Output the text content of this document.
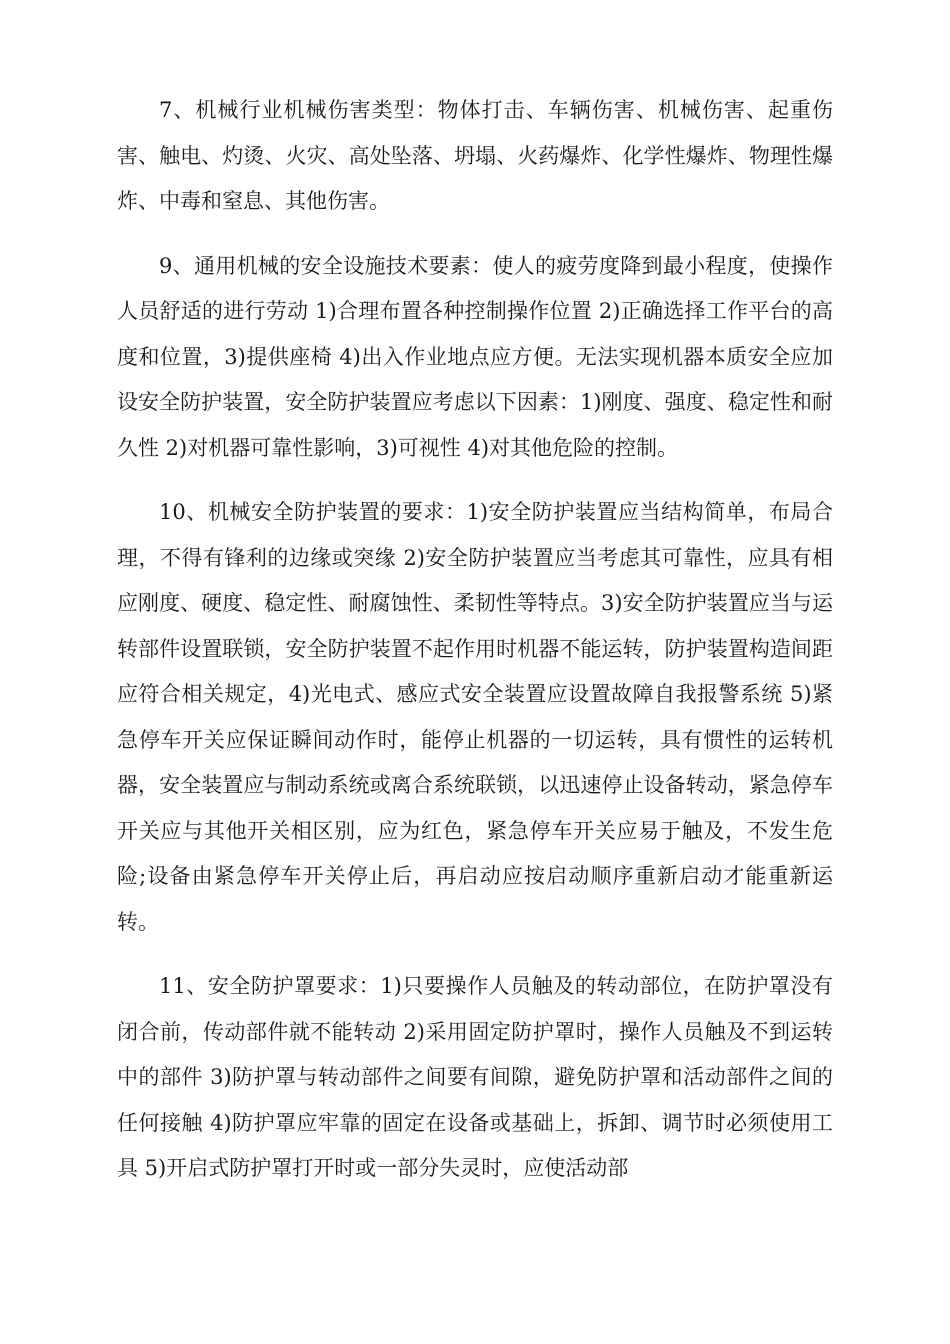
7、机械行业机械伤害类型：物体打击、车辆伤害、机械伤害、起重伤害、触电、灼烫、火灾、高处坠落、坍塌、火药爆炸、化学性爆炸、物理性爆炸、中毒和窒息、其他伤害。

9、通用机械的安全设施技术要素：使人的疲劳度降到最小程度，使操作人员舒适的进行劳动 1)合理布置各种控制操作位置 2)正确选择工作平台的高度和位置，3)提供座椅 4)出入作业地点应方便。无法实现机器本质安全应加设安全防护装置，安全防护装置应考虑以下因素：1)刚度、强度、稳定性和耐久性 2)对机器可靠性影响，3)可视性 4)对其他危险的控制。

10、机械安全防护装置的要求：1)安全防护装置应当结构简单，布局合理，不得有锋利的边缘或突缘 2)安全防护装置应当考虑其可靠性，应具有相应刚度、硬度、稳定性、耐腐蚀性、柔韧性等特点。3)安全防护装置应当与运转部件设置联锁，安全防护装置不起作用时机器不能运转，防护装置构造间距应符合相关规定，4)光电式、感应式安全装置应设置故障自我报警系统 5)紧急停车开关应保证瞬间动作时，能停止机器的一切运转，具有惯性的运转机器，安全装置应与制动系统或离合系统联锁，以迅速停止设备转动，紧急停车开关应与其他开关相区别，应为红色，紧急停车开关应易于触及，不发生危险;设备由紧急停车开关停止后，再启动应按启动顺序重新启动才能重新运转。

11、安全防护罩要求：1)只要操作人员触及的转动部位，在防护罩没有闭合前，传动部件就不能转动 2)采用固定防护罩时，操作人员触及不到运转中的部件 3)防护罩与转动部件之间要有间隙，避免防护罩和活动部件之间的任何接触 4)防护罩应牢靠的固定在设备或基础上，拆卸、调节时必须使用工具 5)开启式防护罩打开时或一部分失灵时，应使活动部
